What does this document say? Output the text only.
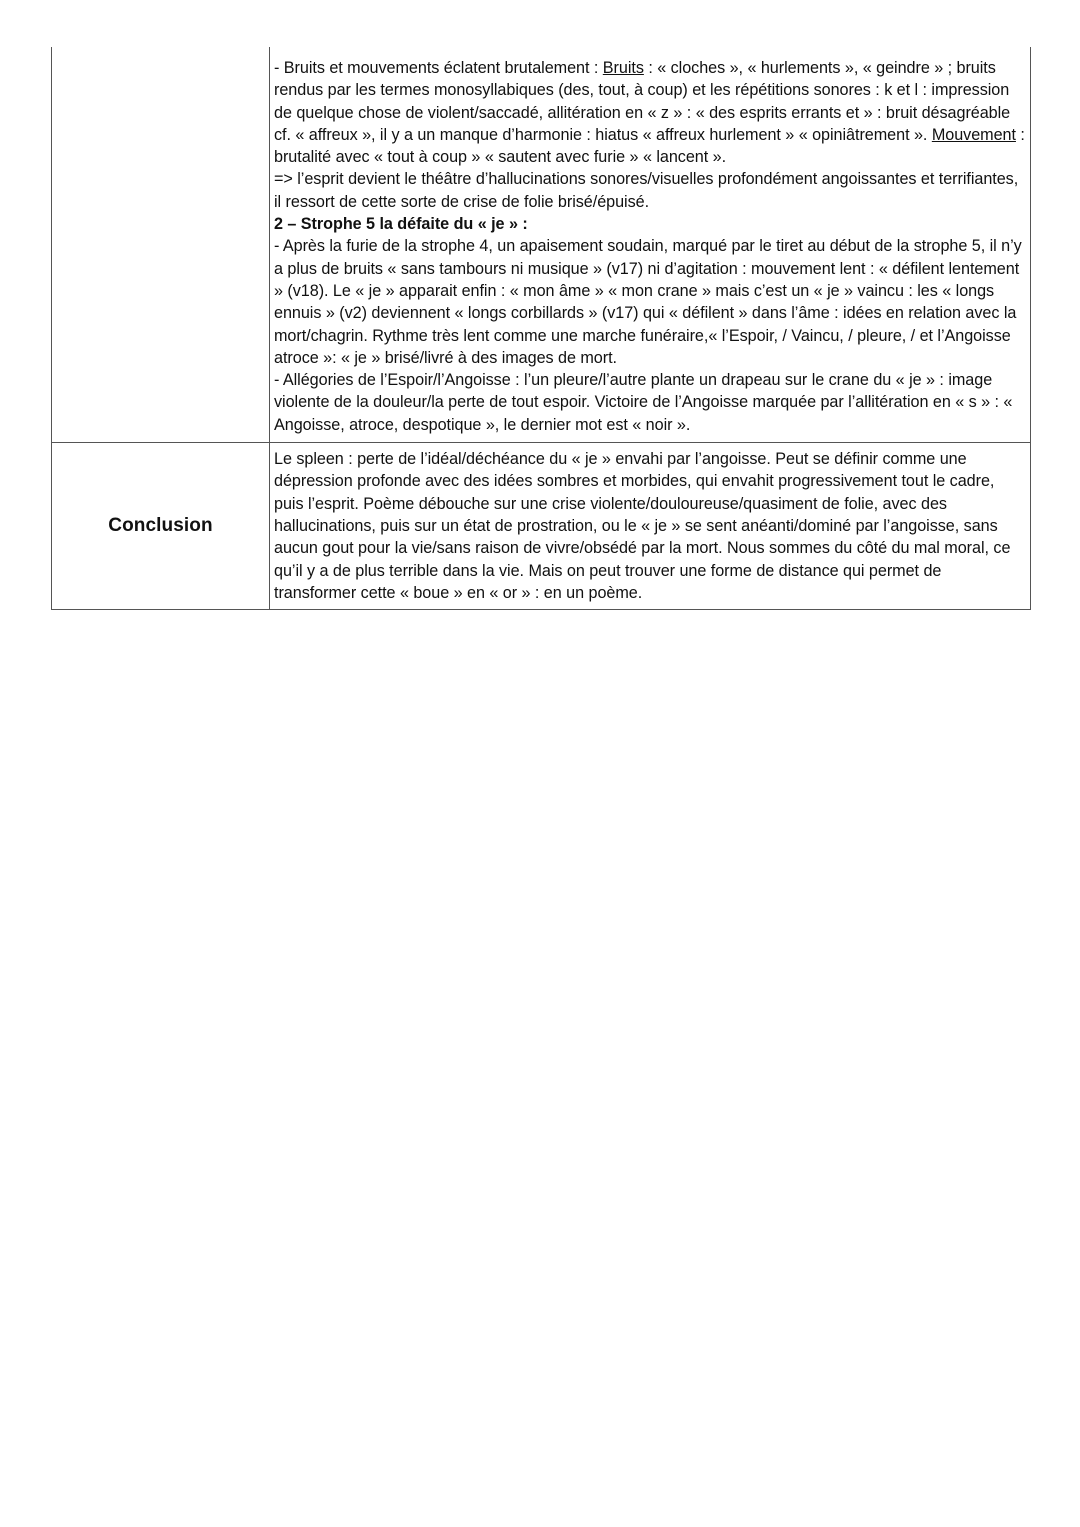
	- Bruits et mouvements éclatent brutalement : Bruits : « cloches », « hurlements », « geindre » ; bruits rendus par les termes monosyllabiques (des, tout, à coup) et les répétitions sonores : k et l : impression de quelque chose de violent/saccadé, allitération en « z » : « des esprits errants et » : bruit désagréable cf. « affreux », il y a un manque d’harmonie : hiatus « affreux hurlement » « opiniâtrement ». Mouvement : brutalité avec « tout à coup » « sautent avec furie » « lancent ».

=> l’esprit devient le théâtre d’hallucinations sonores/visuelles profondément angoissantes et terrifiantes, il ressort de cette sorte de crise de folie brisé/épuisé.

2 – Strophe 5 la défaite du « je » :

- Après la furie de la strophe 4, un apaisement soudain, marqué par le tiret au début de la strophe 5, il n’y a plus de bruits « sans tambours ni musique » (v17) ni d’agitation : mouvement lent : « défilent lentement » (v18). Le « je » apparait enfin : « mon âme » « mon crane » mais c’est un « je » vaincu : les « longs ennuis » (v2) deviennent « longs corbillards » (v17) qui « défilent » dans l’âme : idées en relation avec la mort/chagrin. Rythme très lent comme une marche funéraire,« l’Espoir, / Vaincu, / pleure, / et l’Angoisse atroce »: « je » brisé/livré à des images de mort.

- Allégories de l’Espoir/l’Angoisse : l’un pleure/l’autre plante un drapeau sur le crane du « je » : image violente de la douleur/la perte de tout espoir. Victoire de l’Angoisse marquée par l’allitération en « s » : « Angoisse, atroce, despotique », le dernier mot est « noir ».

Conclusion	Le spleen : perte de l’idéal/déchéance du « je » envahi par l’angoisse. Peut se définir comme une dépression profonde avec des idées sombres et morbides, qui envahit progressivement tout le cadre, puis l’esprit. Poème débouche sur une crise violente/douloureuse/quasiment de folie, avec des hallucinations, puis sur un état de prostration, ou le « je » se sent anéanti/dominé par l’angoisse, sans aucun gout pour la vie/sans raison de vivre/obsédé par la mort. Nous sommes du côté du mal moral, ce qu’il y a de plus terrible dans la vie. Mais on peut trouver une forme de distance qui permet de transformer cette « boue » en « or » : en un poème.
